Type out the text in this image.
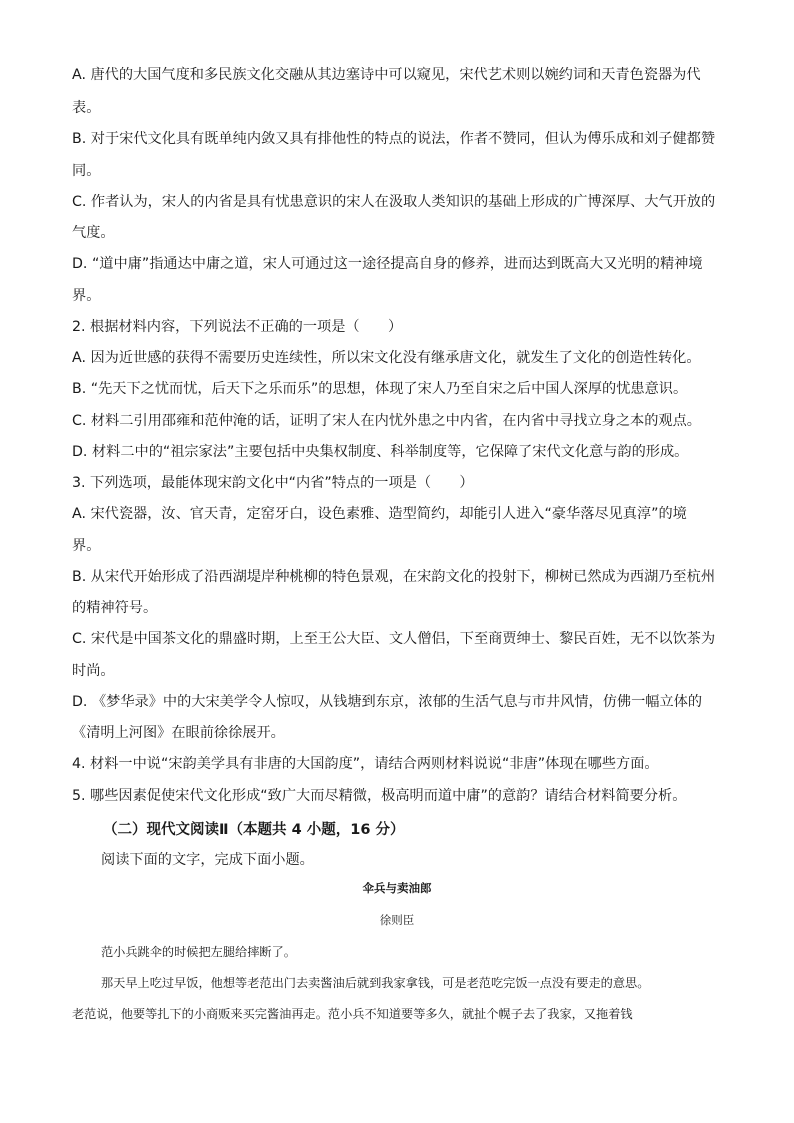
A. 唐代的大国气度和多民族文化交融从其边塞诗中可以窥见，宋代艺术则以婉约词和天青色瓷器为代

表。

B. 对于宋代文化具有既单纯内敛又具有排他性的特点的说法，作者不赞同，但认为傅乐成和刘子健都赞

同。

C. 作者认为，宋人的内省是具有忧患意识的宋人在汲取人类知识的基础上形成的广博深厚、大气开放的

气度。

D. “道中庸”指通达中庸之道，宋人可通过这一途径提高自身的修养，进而达到既高大又光明的精神境

界。

2. 根据材料内容，下列说法不正确的一项是（　　）

A. 因为近世感的获得不需要历史连续性，所以宋文化没有继承唐文化，就发生了文化的创造性转化。

B. “先天下之忧而忧，后天下之乐而乐”的思想，体现了宋人乃至自宋之后中国人深厚的忧患意识。

C. 材料二引用邵雍和范仲淹的话，证明了宋人在内忧外患之中内省，在内省中寻找立身之本的观点。

D. 材料二中的“祖宗家法”主要包括中央集权制度、科举制度等，它保障了宋代文化意与韵的形成。

3. 下列选项，最能体现宋韵文化中“内省”特点的一项是（　　）

A. 宋代瓷器，汝、官天青，定窑牙白，设色素雅、造型简约，却能引人进入“豪华落尽见真淳”的境

界。

B. 从宋代开始形成了沿西湖堤岸种桃柳的特色景观，在宋韵文化的投射下，柳树已然成为西湖乃至杭州

的精神符号。

C. 宋代是中国茶文化的鼎盛时期，上至王公大臣、文人僧侣，下至商贾绅士、黎民百姓，无不以饮茶为

时尚。

D. 《梦华录》中的大宋美学令人惊叹，从钱塘到东京，浓郁的生活气息与市井风情，仿佛一幅立体的

《清明上河图》在眼前徐徐展开。

4. 材料一中说“宋韵美学具有非唐的大国韵度”，请结合两则材料说说“非唐”体现在哪些方面。

5. 哪些因素促使宋代文化形成“致广大而尽精微，极高明而道中庸”的意韵？请结合材料简要分析。

（二）现代文阅读Ⅱ（本题共 4 小题，16 分）

阅读下面的文字，完成下面小题。

伞兵与卖油郎

徐则臣

范小兵跳伞的时候把左腿给摔断了。

那天早上吃过早饭，他想等老范出门去卖酱油后就到我家拿钱，可是老范吃完饭一点没有要走的意思。

老范说，他要等扎下的小商贩来买完酱油再走。范小兵不知道要等多久，就扯个幌子去了我家，又拖着钱
